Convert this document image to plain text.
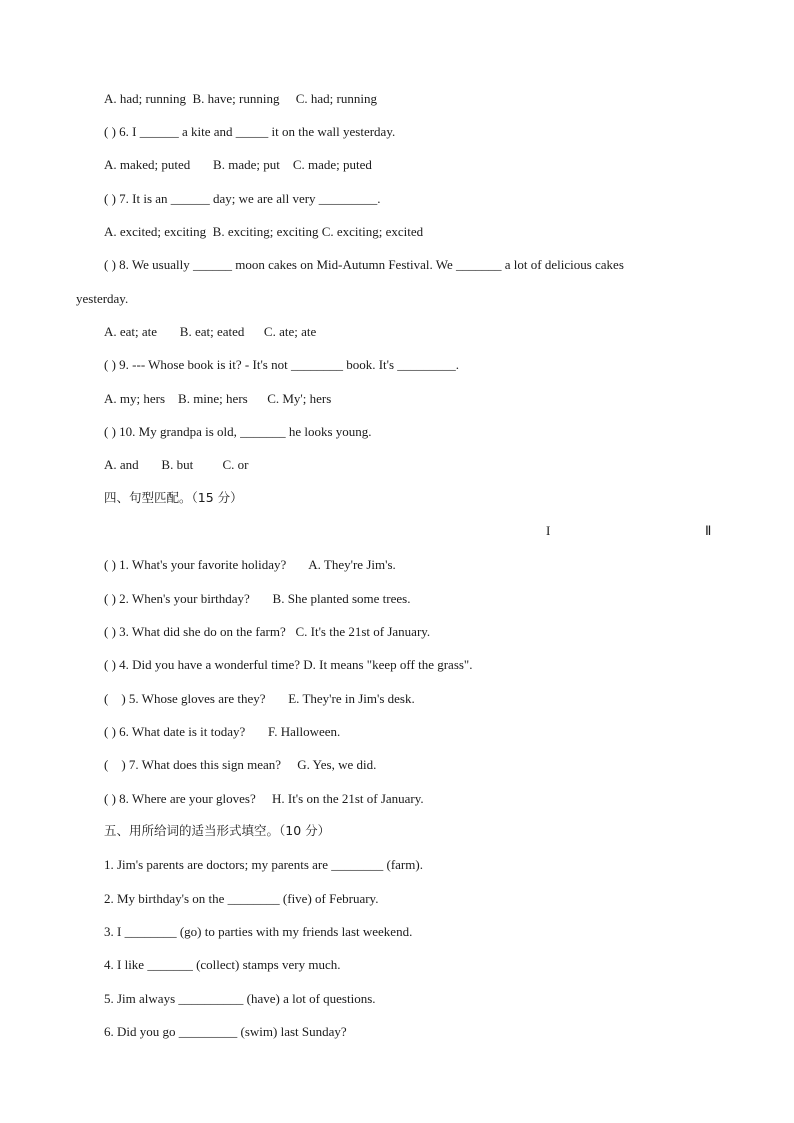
A. had; running  B. have; running     C. had; running
( ) 6. I ______ a kite and _____ it on the wall yesterday.
A. maked; puted       B. made; put    C. made; puted
( ) 7. It is an ______ day; we are all very _________.
A. excited; exciting  B. exciting; exciting C. exciting; excited
( ) 8. We usually ______ moon cakes on Mid-Autumn Festival. We _______ a lot of delicious cakes
yesterday.
A. eat; ate       B. eat; eated      C. ate; ate
( ) 9. --- Whose book is it? - It's not ________ book. It's _________.
A. my; hers    B. mine; hers      C. My'; hers
( ) 10. My grandpa is old, _______ he looks young.
A. and       B. but         C. or
四、句型匹配。（15 分）
I	Ⅱ
( ) 1. What's your favorite holiday?       A. They're Jim's.
( ) 2. When's your birthday?       B. She planted some trees.
( ) 3. What did she do on the farm?   C. It's the 21st of January.
( ) 4. Did you have a wonderful time? D. It means "keep off the grass".
(    ) 5. Whose gloves are they?       E. They're in Jim's desk.
( ) 6. What date is it today?       F. Halloween.
(    ) 7. What does this sign mean?     G. Yes, we did.
( ) 8. Where are your gloves?     H. It's on the 21st of January.
五、用所给词的适当形式填空。（10 分）
1. Jim's parents are doctors; my parents are ________ (farm).
2. My birthday's on the ________ (five) of February.
3. I ________ (go) to parties with my friends last weekend.
4. I like _______ (collect) stamps very much.
5. Jim always __________ (have) a lot of questions.
6. Did you go _________ (swim) last Sunday?
